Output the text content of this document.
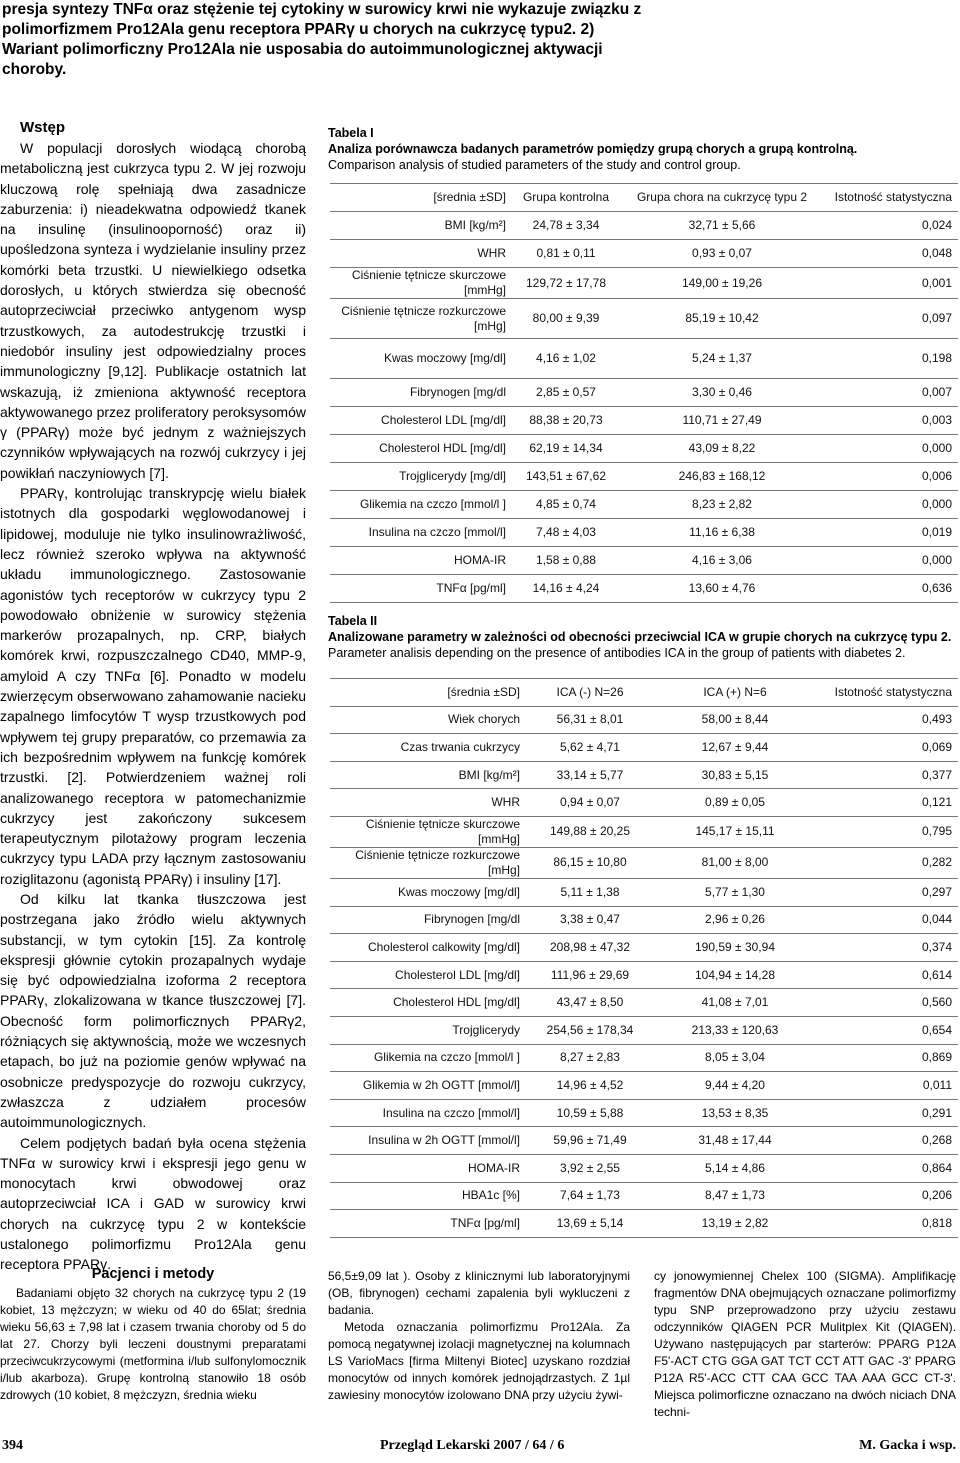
presja syntezy TNFα oraz stężenie tej cytokiny w surowicy krwi nie wykazuje związku z polimorfizmem Pro12Ala genu receptora PPARγ u chorych na cukrzycę typu2. 2) Wariant polimorficzny Pro12Ala nie usposabia do autoimmunologicznej aktywacji choroby.
Wstęp

W populacji dorosłych wiodącą chorobą metaboliczną jest cukrzyca typu 2. W jej rozwoju kluczową rolę spełniają dwa zasadnicze zaburzenia: i) nieadekwatna odpowiedź tkanek na insulinę (insulinooporność) oraz ii) upośledzona synteza i wydzielanie insuliny przez komórki beta trzustki. U niewielkiego odsetka dorosłych, u których stwierdza się obecność autoprzeciwciał przeciwko antygenom wysp trzustkowych, za autodestrukcję trzustki i niedobór insuliny jest odpowiedzialny proces immunologiczny [9,12]. Publikacje ostatnich lat wskazują, iż zmieniona aktywność receptora aktywowanego przez proliferatory peroksysomów γ (PPARγ) może być jednym z ważniejszych czynników wpływających na rozwój cukrzycy i jej powikłań naczyniowych [7].

PPARγ, kontrolując transkrypcję wielu białek istotnych dla gospodarki węglowodanowej i lipidowej, moduluje nie tylko insulinowrażliwość, lecz również szeroko wpływa na aktywność układu immunologicznego. Zastosowanie agonistów tych receptorów w cukrzycy typu 2 powodowało obniżenie w surowicy stężenia markerów prozapalnych, np. CRP, białych komórek krwi, rozpuszczalnego CD40, MMP-9, amyloid A czy TNFα [6]. Ponadto w modelu zwierzęcym obserwowano zahamowanie nacieku zapalnego limfocytów T wysp trzustkowych pod wpływem tej grupy preparatów, co przemawia za ich bezpośrednim wpływem na funkcję komórek trzustki. [2]. Potwierdzeniem ważnej roli analizowanego receptora w patomechanizmie cukrzycy jest zakończony sukcesem terapeutycznym pilotażowy program leczenia cukrzycy typu LADA przy łącznym zastosowaniu roziglitazonu (agonistą PPARγ) i insuliny [17].

Od kilku lat tkanka tłuszczowa jest postrzegana jako źródło wielu aktywnych substancji, w tym cytokin [15]. Za kontrolę ekspresji głównie cytokin prozapalnych wydaje się być odpowiedzialna izoforma 2 receptora PPARγ, zlokalizowana w tkance tłuszczowej [7]. Obecność form polimorficznych PPARγ2, różniących się aktywnością, może we wczesnych etapach, bo już na poziomie genów wpływać na osobnicze predyspozycje do rozwoju cukrzycy, zwłaszcza z udziałem procesów autoimmunologicznych.

Celem podjętych badań była ocena stężenia TNFα w surowicy krwi i ekspresji jego genu w monocytach krwi obwodowej oraz autoprzeciwciał ICA i GAD w surowicy krwi chorych na cukrzycę typu 2 w kontekście ustalonego polimorfizmu Pro12Ala genu receptora PPARγ.

Pacjenci i metody

Badaniami objęto 32 chorych na cukrzycę typu 2 (19 kobiet, 13 mężczyzn; w wieku od 40 do 65lat; średnia wieku 56,63 ± 7,98 lat i czasem trwania choroby od 5 do lat 27. Chorzy byli leczeni doustnymi preparatami przeciwcukrzycowymi (metformina i/lub sulfonylomocznik i/lub akarboza). Grupę kontrolną stanowiło 18 osób zdrowych (10 kobiet, 8 mężczyzn, średnia wieku

Tabela I
Analiza porównawcza badanych parametrów pomiędzy grupą chorych a grupą kontrolną.
Comparison analysis of studied parameters of the study and control group.
[średnia ±SD]	Grupa kontrolna	Grupa chora na cukrzycę typu 2	Istotność statystyczna
BMI [kg/m²]	24,78 ± 3,34	32,71 ± 5,66	0,024
WHR	0,81 ± 0,11	0,93 ± 0,07	0,048
Ciśnienie tętnicze skurczowe [mmHg]	129,72 ± 17,78	149,00 ± 19,26	0,001
Ciśnienie tętnicze rozkurczowe [mHg]	80,00 ± 9,39	85,19 ± 10,42	0,097
Kwas moczowy [mg/dl]	4,16 ± 1,02	5,24 ± 1,37	0,198
Fibrynogen [mg/dl	2,85 ± 0,57	3,30 ± 0,46	0,007
Cholesterol LDL [mg/dl]	88,38 ± 20,73	110,71 ± 27,49	0,003
Cholesterol HDL [mg/dl]	62,19 ± 14,34	43,09 ± 8,22	0,000
Trojglicerydy [mg/dl]	143,51 ± 67,62	246,83 ± 168,12	0,006
Glikemia na czczo [mmol/l ]	4,85 ± 0,74	8,23 ± 2,82	0,000
Insulina na czczo [mmol/l]	7,48 ± 4,03	11,16 ± 6,38	0,019
HOMA-IR	1,58 ± 0,88	4,16 ± 3,06	0,000
TNFα [pg/ml]	14,16 ± 4,24	13,60 ± 4,76	0,636
Tabela II
Analizowane parametry w zależności od obecności przeciwcial ICA w grupie chorych na cukrzycę typu 2.
Parameter analisis depending on the presence of antibodies ICA in the group of patients with diabetes 2.
[średnia ±SD]	ICA (-) N=26	ICA (+) N=6	Istotność statystyczna
Wiek chorych	56,31 ± 8,01	58,00 ± 8,44	0,493
Czas trwania cukrzycy	5,62 ± 4,71	12,67 ± 9,44	0,069
BMI [kg/m²]	33,14 ± 5,77	30,83 ± 5,15	0,377
WHR	0,94 ± 0,07	0,89 ± 0,05	0,121
Ciśnienie tętnicze skurczowe [mmHg]	149,88 ± 20,25	145,17 ± 15,11	0,795
Ciśnienie tętnicze rozkurczowe [mHg]	86,15 ± 10,80	81,00 ± 8,00	0,282
Kwas moczowy [mg/dl]	5,11 ± 1,38	5,77 ± 1,30	0,297
Fibrynogen [mg/dl	3,38 ± 0,47	2,96 ± 0,26	0,044
Cholesterol calkowity [mg/dl]	208,98 ± 47,32	190,59 ± 30,94	0,374
Cholesterol LDL [mg/dl]	111,96 ± 29,69	104,94 ± 14,28	0,614
Cholesterol HDL [mg/dl]	43,47 ± 8,50	41,08 ± 7,01	0,560
Trojglicerydy	254,56 ± 178,34	213,33 ± 120,63	0,654
Glikemia na czczo [mmol/l ]	8,27 ± 2,83	8,05 ± 3,04	0,869
Glikemia w 2h OGTT [mmol/l]	14,96 ± 4,52	9,44 ± 4,20	0,011
Insulina na czczo [mmol/l]	10,59 ± 5,88	13,53 ± 8,35	0,291
Insulina w 2h OGTT [mmol/l]	59,96 ± 71,49	31,48 ± 17,44	0,268
HOMA-IR	3,92 ± 2,55	5,14 ± 4,86	0,864
HBA1c [%]	7,64 ± 1,73	8,47 ± 1,73	0,206
TNFα [pg/ml]	13,69 ± 5,14	13,19 ± 2,82	0,818

56,5±9,09 lat ). Osoby z klinicznymi lub laboratoryjnymi (OB, fibrynogen) cechami zapalenia byli wykluczeni z badania.

Metoda oznaczania polimorfizmu Pro12Ala. Za pomocą negatywnej izolacji magnetycznej na kolumnach LS VarioMacs [firma Miltenyi Biotec] uzyskano rozdział monocytów od innych komórek jednojądrzastych. Z 1µl zawiesiny monocytów izolowano DNA przy użyciu żywi-

cy jonowymiennej Chelex 100 (SIGMA). Amplifikację fragmentów DNA obejmujących oznaczane polimorfizmy typu SNP przeprowadzono przy użyciu zestawu odczynników QIAGEN PCR Mulitplex Kit (QIAGEN). Używano następujących par starterów: PPARG P12A F5'-ACT CTG GGA GAT TCT CCT ATT GAC -3' PPARG P12A R5'-ACC CTT CAA GCC TAA AAA GCC CT-3'. Miejsca polimorficzne oznaczano na dwóch niciach DNA techni-

394	Przegląd Lekarski 2007 / 64 / 6	M. Gacka i wsp.
